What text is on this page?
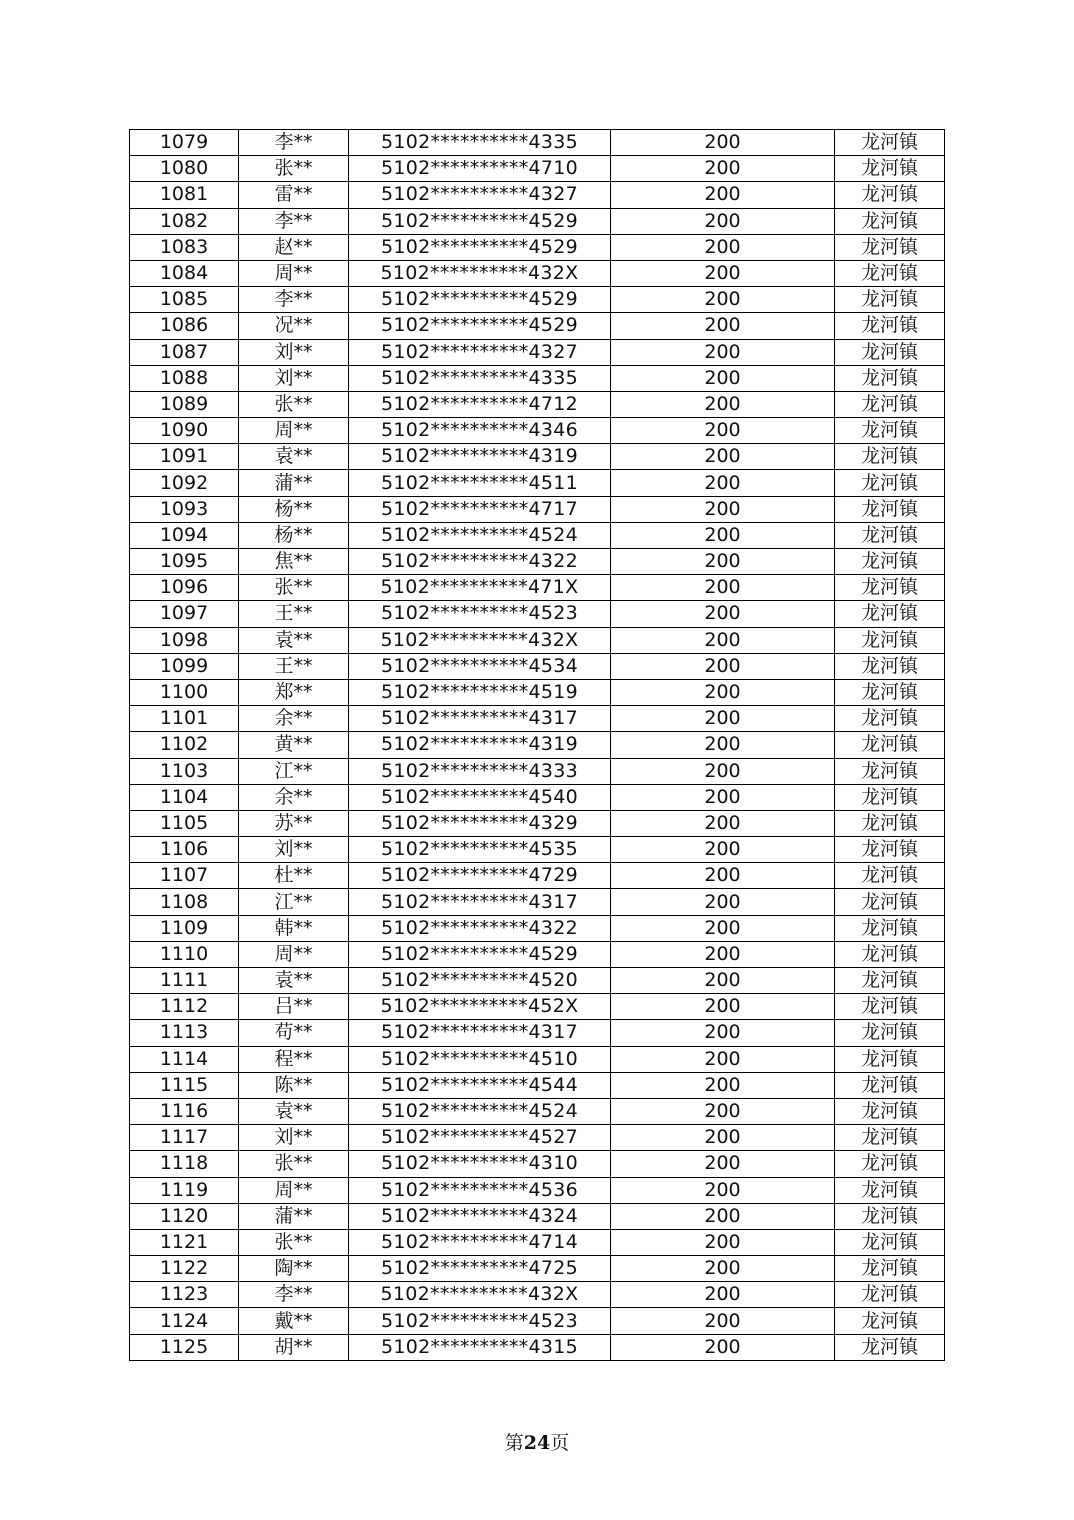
1079	李**	5102**********4335	200	龙河镇
1080	张**	5102**********4710	200	龙河镇
1081	雷**	5102**********4327	200	龙河镇
1082	李**	5102**********4529	200	龙河镇
1083	赵**	5102**********4529	200	龙河镇
1084	周**	5102**********432X	200	龙河镇
1085	李**	5102**********4529	200	龙河镇
1086	况**	5102**********4529	200	龙河镇
1087	刘**	5102**********4327	200	龙河镇
1088	刘**	5102**********4335	200	龙河镇
1089	张**	5102**********4712	200	龙河镇
1090	周**	5102**********4346	200	龙河镇
1091	袁**	5102**********4319	200	龙河镇
1092	蒲**	5102**********4511	200	龙河镇
1093	杨**	5102**********4717	200	龙河镇
1094	杨**	5102**********4524	200	龙河镇
1095	焦**	5102**********4322	200	龙河镇
1096	张**	5102**********471X	200	龙河镇
1097	王**	5102**********4523	200	龙河镇
1098	袁**	5102**********432X	200	龙河镇
1099	王**	5102**********4534	200	龙河镇
1100	郑**	5102**********4519	200	龙河镇
1101	余**	5102**********4317	200	龙河镇
1102	黄**	5102**********4319	200	龙河镇
1103	江**	5102**********4333	200	龙河镇
1104	余**	5102**********4540	200	龙河镇
1105	苏**	5102**********4329	200	龙河镇
1106	刘**	5102**********4535	200	龙河镇
1107	杜**	5102**********4729	200	龙河镇
1108	江**	5102**********4317	200	龙河镇
1109	韩**	5102**********4322	200	龙河镇
1110	周**	5102**********4529	200	龙河镇
1111	袁**	5102**********4520	200	龙河镇
1112	吕**	5102**********452X	200	龙河镇
1113	苟**	5102**********4317	200	龙河镇
1114	程**	5102**********4510	200	龙河镇
1115	陈**	5102**********4544	200	龙河镇
1116	袁**	5102**********4524	200	龙河镇
1117	刘**	5102**********4527	200	龙河镇
1118	张**	5102**********4310	200	龙河镇
1119	周**	5102**********4536	200	龙河镇
1120	蒲**	5102**********4324	200	龙河镇
1121	张**	5102**********4714	200	龙河镇
1122	陶**	5102**********4725	200	龙河镇
1123	李**	5102**********432X	200	龙河镇
1124	戴**	5102**********4523	200	龙河镇
1125	胡**	5102**********4315	200	龙河镇
第24页
